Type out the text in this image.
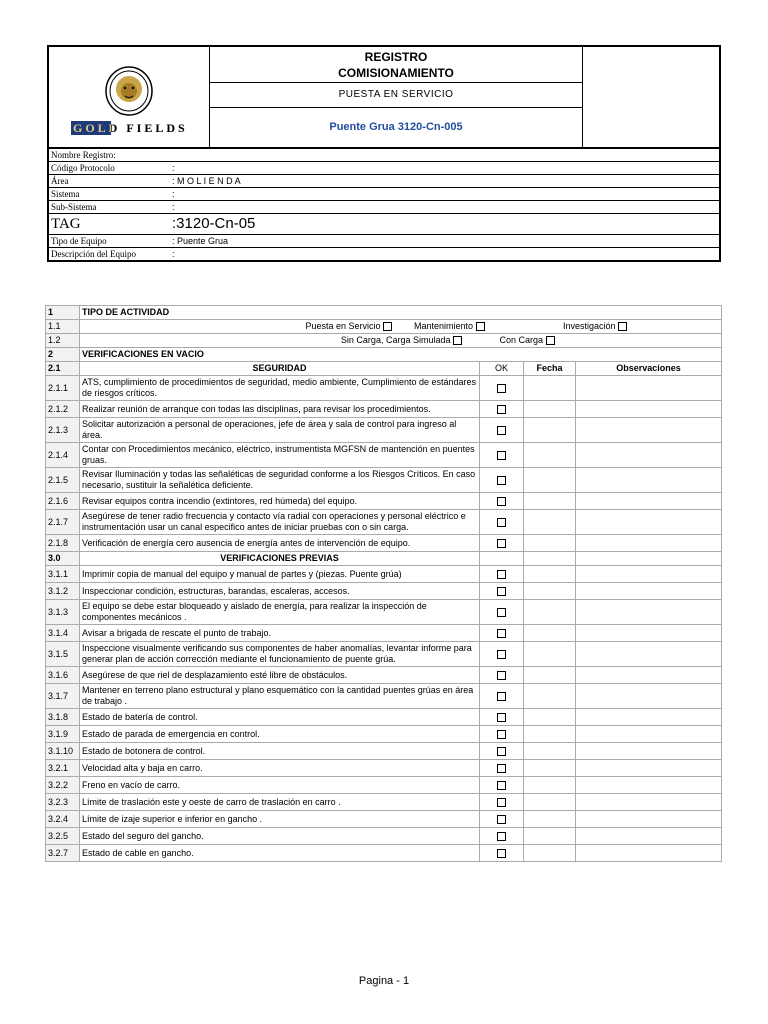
GOLD FIELDS

REGISTRO
COMISIONAMIENTO

PUESTA EN SERVICIO
Puente Grua 3120-Cn-005
Nombre Registro:	
Código Protocolo	:
Área	: M O L I E N D A
Sistema	:
Sub-Sistema	:
TAG	:3120-Cn-05
Tipo de Equipo	: Puente Grua
Descripción del Equipo	:
1	TIPO DE ACTIVIDAD			
1.1	Puesta en Servicio Mantenimiento Investigación			
1.2	Sin Carga, Carga Simulada Con Carga			
2	VERIFICACIONES EN VACIO			
2.1	SEGURIDAD	OK	Fecha	Observaciones
2.1.1	ATS, cumplimiento de procedimientos de seguridad, medio ambiente, Cumplimiento de estándares de riesgos críticos.			
2.1.2	Realizar reunión de arranque con todas las disciplinas, para revisar los procedimientos.			
2.1.3	Solicitar autorización a personal de operaciones, jefe de área y sala de control para ingreso al área.			
2.1.4	Contar con Procedimientos mecánico, eléctrico, instrumentista MGFSN de mantención en puentes gruas.			
2.1.5	Revisar Iluminación y todas las señaléticas de seguridad conforme a los Riesgos Críticos. En caso necesario, sustituir la señalética deficiente.			
2.1.6	Revisar equipos contra incendio (extintores, red húmeda) del equipo.			
2.1.7	Asegúrese de tener radio frecuencia y contacto vía radial con operaciones y personal eléctrico e instrumentación usar un canal especifico antes de iniciar pruebas con o sin carga.			
2.1.8	Verificación de energía cero ausencia de energía antes de intervención de equipo.			
3.0	VERIFICACIONES PREVIAS			
3.1.1	Imprimir copia de manual del equipo y manual de partes y (piezas. Puente grúa)			
3.1.2	Inspeccionar condición, estructuras, barandas, escaleras, accesos.			
3.1.3	El equipo se debe estar bloqueado y aislado de energía, para realizar la inspección de componentes mecánicos .			
3.1.4	Avisar a brigada de rescate el punto de trabajo.			
3.1.5	Inspeccione visualmente verificando sus componentes de haber anomalías, levantar informe para generar plan de acción corrección mediante el funcionamiento de puente grúa.			
3.1.6	Asegúrese de que riel de desplazamiento esté libre de obstáculos.			
3.1.7	Mantener en terreno plano estructural y plano esquemático con la cantidad puentes grúas en área de trabajo .			
3.1.8	Estado de batería de control.			
3.1.9	Estado de parada de emergencia en control.			
3.1.10	Estado de botonera de control.			
3.2.1	Velocidad alta y baja en carro.			
3.2.2	Freno en vacío de carro.			
3.2.3	Límite de traslación este y oeste de carro de traslación en carro .			
3.2.4	Límite de izaje superior e inferior en gancho .			
3.2.5	Estado del seguro del gancho.			
3.2.7	Estado de cable en gancho.			
Pagina - 1
